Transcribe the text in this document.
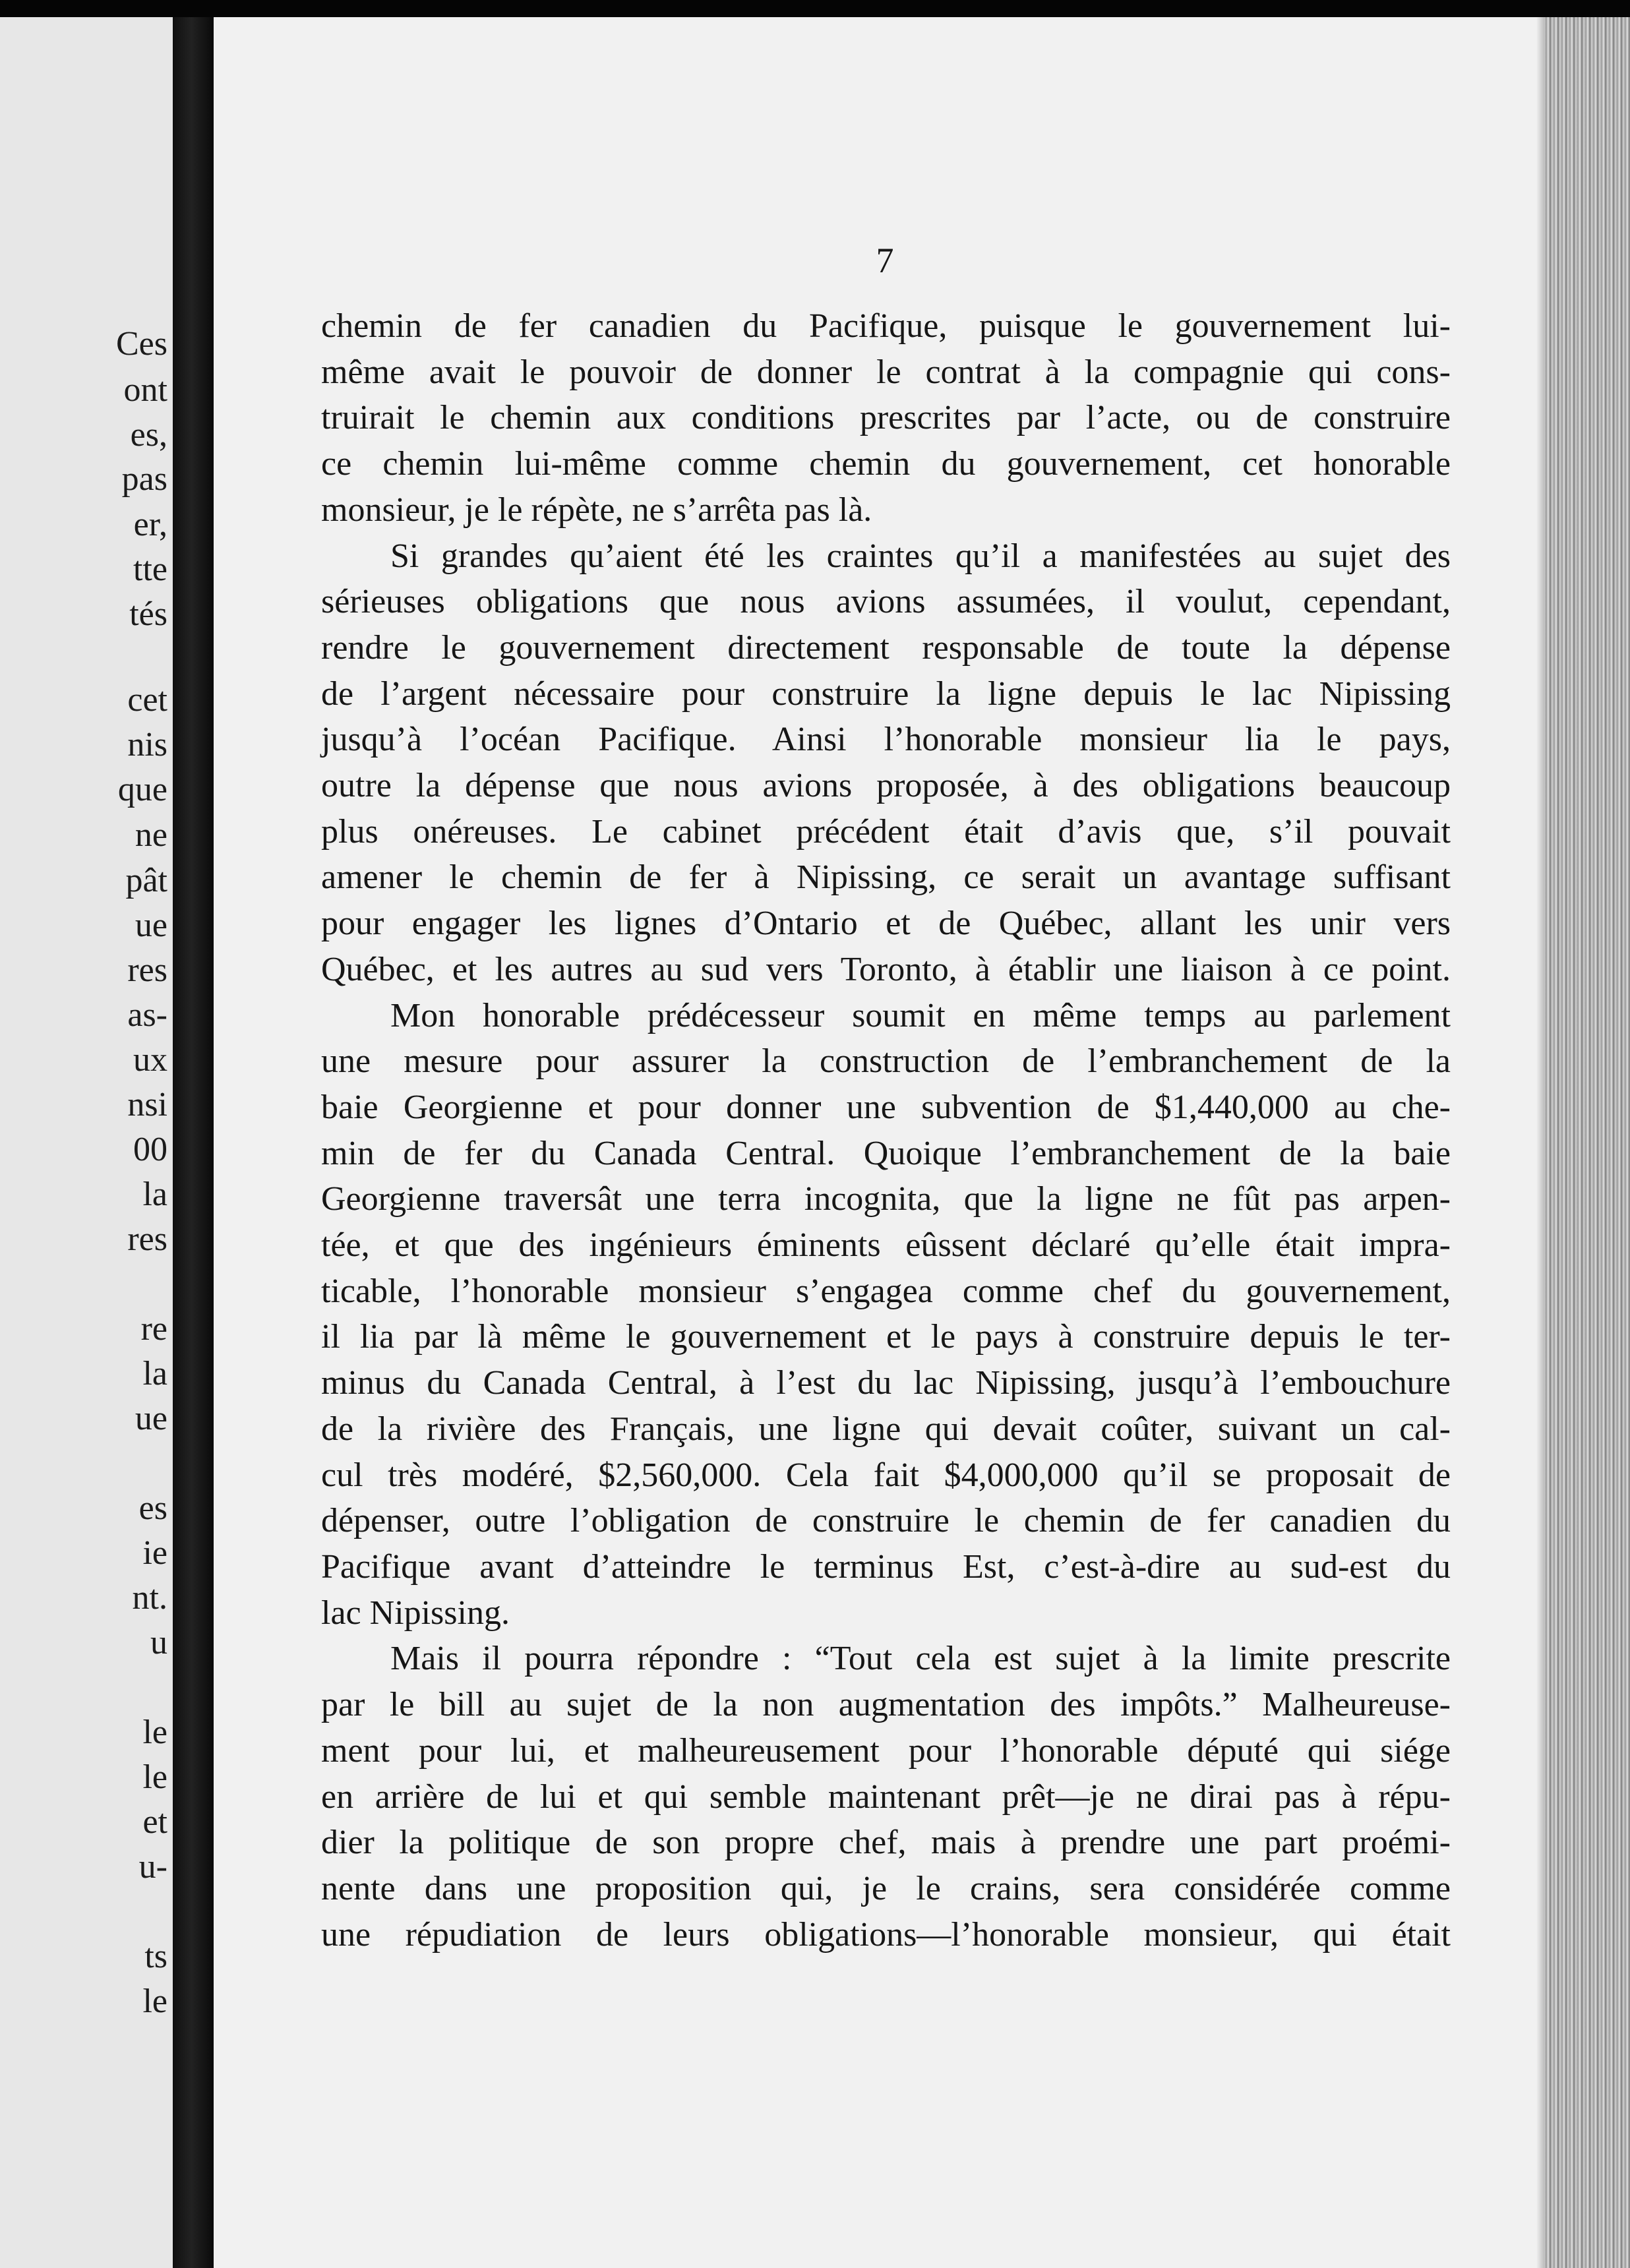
Ces
ont
es,
pas
er,
tte
tés
cet
nis
que
ne
pât
ue
res
as-
ux
nsi
00
la
res
re
la
ue
es
ie
nt.
u
le
le
et
u-
ts
le
7
chemin de fer canadien du Pacifique, puisque le gouvernement lui-
même avait le pouvoir de donner le contrat à la compagnie qui cons-
truirait le chemin aux conditions prescrites par l’acte, ou de construire
ce chemin lui-même comme chemin du gouvernement, cet honorable
monsieur, je le répète, ne s’arrêta pas là.
Si grandes qu’aient été les craintes qu’il a manifestées au sujet des
sérieuses obligations que nous avions assumées, il voulut, cependant,
rendre le gouvernement directement responsable de toute la dépense
de l’argent nécessaire pour construire la ligne depuis le lac Nipissing
jusqu’à l’océan Pacifique. Ainsi l’honorable monsieur lia le pays,
outre la dépense que nous avions proposée, à des obligations beaucoup
plus onéreuses. Le cabinet précédent était d’avis que, s’il pouvait
amener le chemin de fer à Nipissing, ce serait un avantage suffisant
pour engager les lignes d’Ontario et de Québec, allant les unir vers
Québec, et les autres au sud vers Toronto, à établir une liaison à ce point.
Mon honorable prédécesseur soumit en même temps au parlement
une mesure pour assurer la construction de l’embranchement de la
baie Georgienne et pour donner une subvention de $1,440,000 au che-
min de fer du Canada Central. Quoique l’embranchement de la baie
Georgienne traversât une terra incognita, que la ligne ne fût pas arpen-
tée, et que des ingénieurs éminents eûssent déclaré qu’elle était impra-
ticable, l’honorable monsieur s’engagea comme chef du gouvernement,
il lia par là même le gouvernement et le pays à construire depuis le ter-
minus du Canada Central, à l’est du lac Nipissing, jusqu’à l’embouchure
de la rivière des Français, une ligne qui devait coûter, suivant un cal-
cul très modéré, $2,560,000. Cela fait $4,000,000 qu’il se proposait de
dépenser, outre l’obligation de construire le chemin de fer canadien du
Pacifique avant d’atteindre le terminus Est, c’est-à-dire au sud-est du
lac Nipissing.
Mais il pourra répondre : “Tout cela est sujet à la limite prescrite
par le bill au sujet de la non augmentation des impôts.” Malheureuse-
ment pour lui, et malheureusement pour l’honorable député qui siége
en arrière de lui et qui semble maintenant prêt—je ne dirai pas à répu-
dier la politique de son propre chef, mais à prendre une part proémi-
nente dans une proposition qui, je le crains, sera considérée comme
une répudiation de leurs obligations—l’honorable monsieur, qui était
